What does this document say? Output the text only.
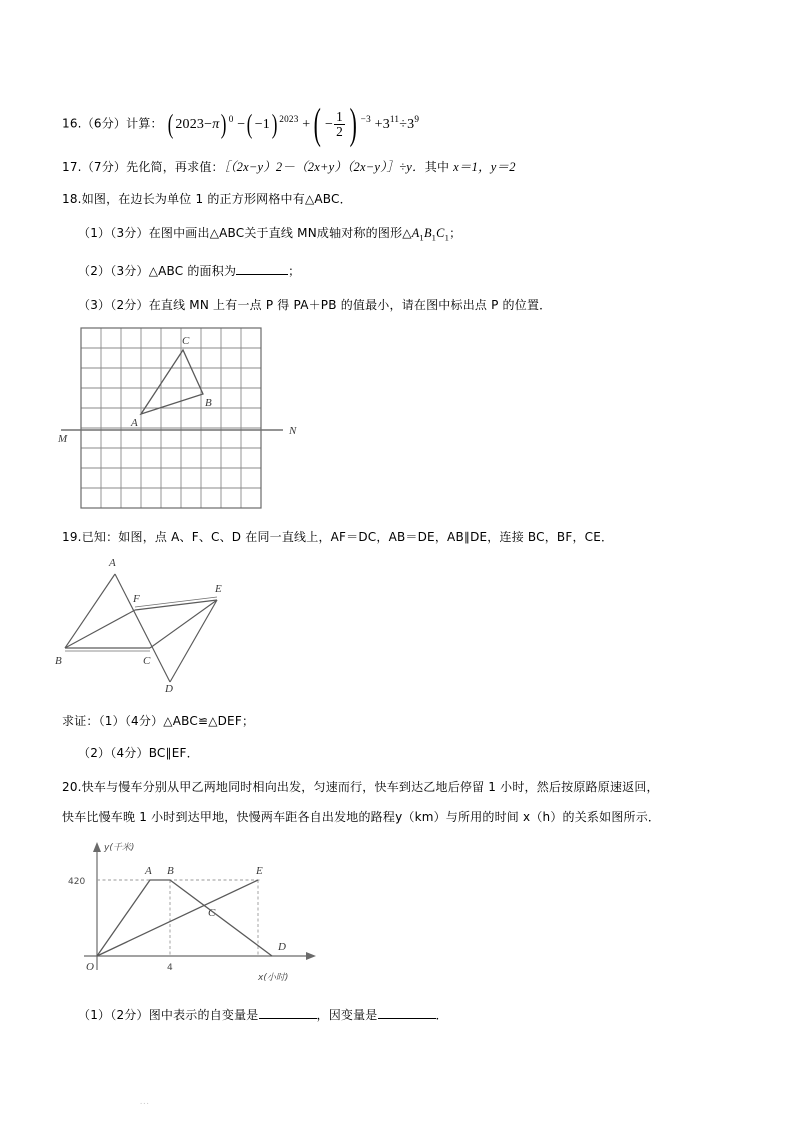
16.（6分）计算： ( 2023−π) $^0$ −( −1) $^{2023}$ +( − $\frac{1}{2}$ ) $^{-3} +3^{11}\div 3^9$
17.（7分）先化简，再求值：［（2x−y）2－（2x+y）（2x−y）］÷y．其中 x＝1，y＝2
18.如图，在边长为单位 1 的正方形网格中有△ABC．
（1）（3分）在图中画出△ABC关于直线 MN成轴对称的图形$\triangle A_1B_1C_1$；
（2）（3分）△ABC 的面积为	；
（3）（2分）在直线 MN 上有一点 P 得 PA＋PB 的值最小，请在图中标出点 P 的位置．
M
N
A
B
C
19.已知：如图，点 A、F、C、D 在同一直线上，AF＝DC，AB＝DE，AB∥DE，连接 BC，BF，CE．
A
B	C
D
E
F
求证：（1）（4分）△ABC≌△DEF；
（2）（4分）BC∥EF．
20.快车与慢车分别从甲乙两地同时相向出发，匀速而行，快车到达乙地后停留 1 小时，然后按原路原速返回，
快车比慢车晚 1 小时到达甲地，快慢两车距各自出发地的路程y（km）与所用的时间 x（h）的关系如图所示．
420
4
O
y(千米)
x(小时)
A B
C
D
E
（1）（2分）图中表示的自变量是	，因变量是	．
...
